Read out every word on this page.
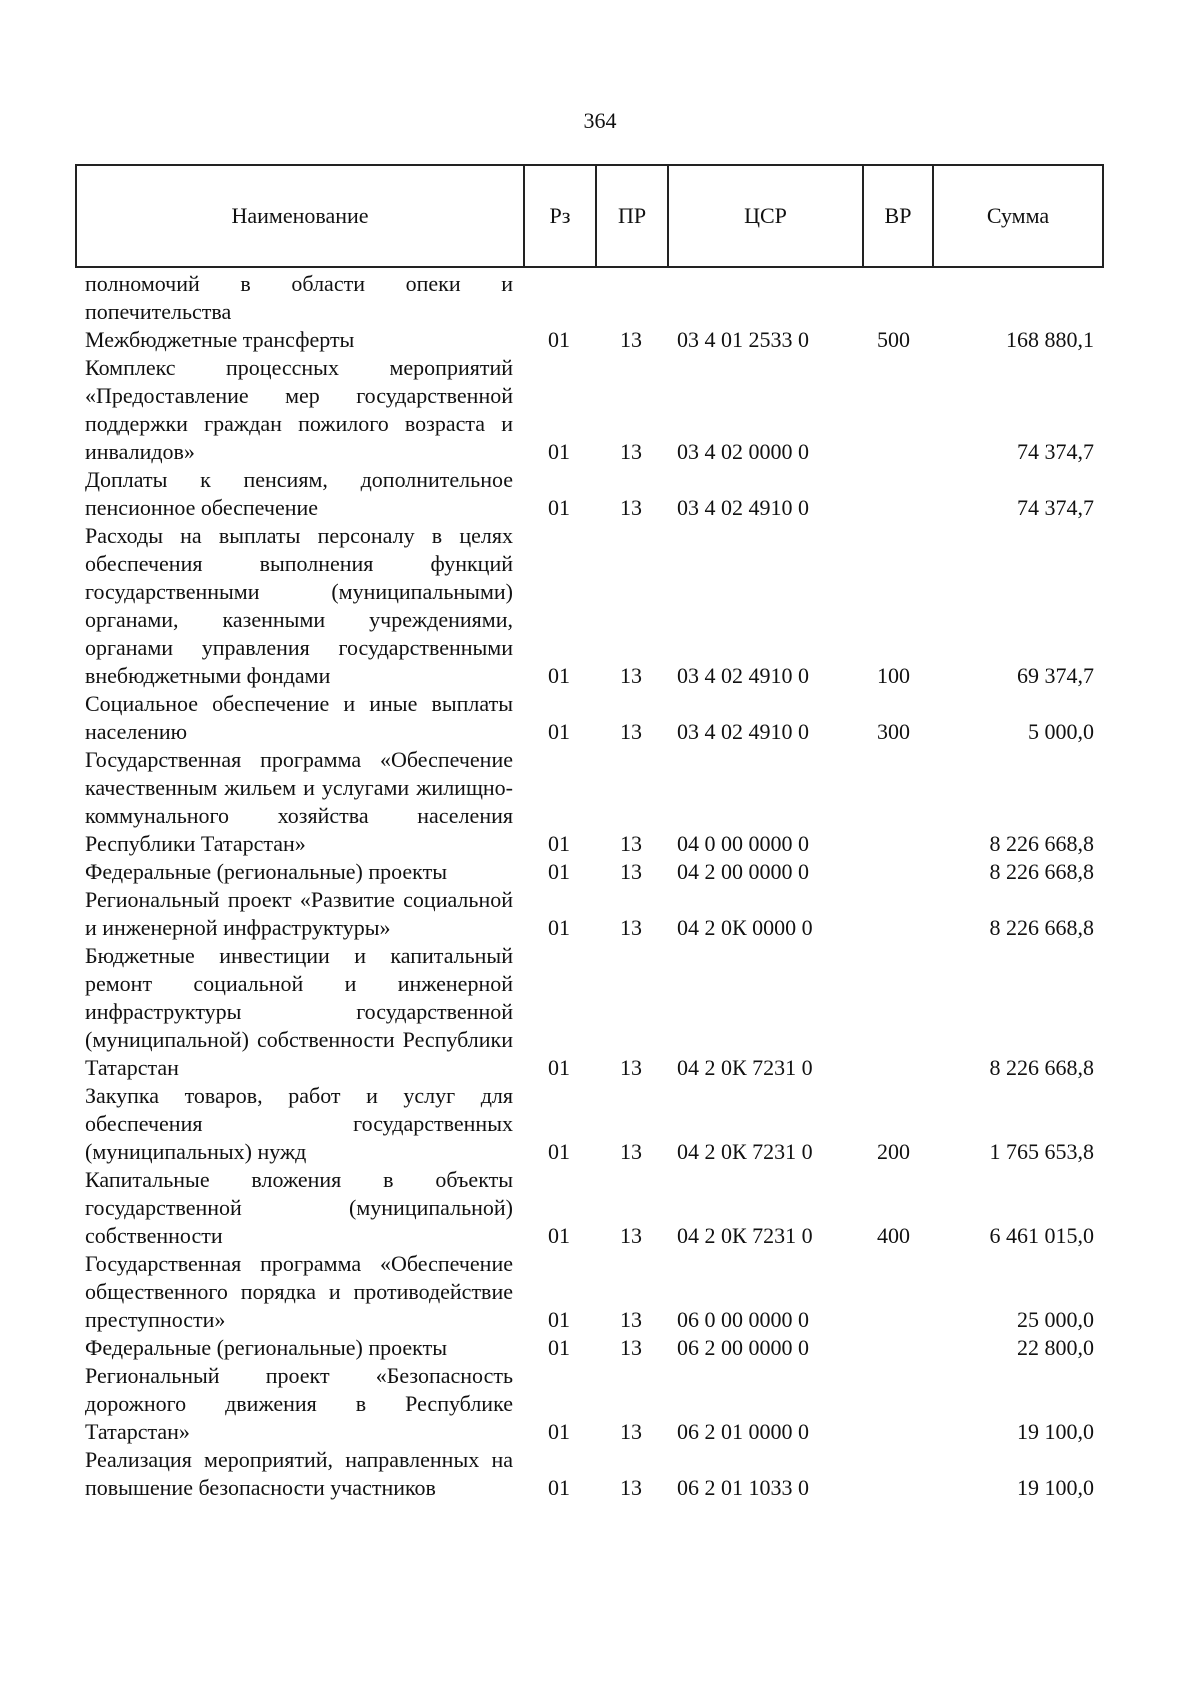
364
Наименование	Рз	ПР	ЦСР	ВР	Сумма
полномочий в области опеки и попечительства					
Межбюджетные трансферты	01	13	03 4 01 2533 0	500	168 880,1
Комплекс процессных мероприятий «Предоставление мер государственной поддержки граждан пожилого возраста и инвалидов»	01	13	03 4 02 0000 0		74 374,7
Доплаты к пенсиям, дополнительное пенсионное обеспечение	01	13	03 4 02 4910 0		74 374,7
Расходы на выплаты персоналу в целях обеспечения выполнения функций государственными (муниципальными) органами, казенными учреждениями, органами управления государственными внебюджетными фондами	01	13	03 4 02 4910 0	100	69 374,7
Социальное обеспечение и иные выплаты населению	01	13	03 4 02 4910 0	300	5 000,0
Государственная программа «Обеспечение качественным жильем и услугами жилищно-коммунального хозяйства населения Республики Татарстан»	01	13	04 0 00 0000 0		8 226 668,8
Федеральные (региональные) проекты	01	13	04 2 00 0000 0		8 226 668,8
Региональный проект «Развитие социальной и инженерной инфраструктуры»	01	13	04 2 0К 0000 0		8 226 668,8
Бюджетные инвестиции и капитальный ремонт социальной и инженерной инфраструктуры государственной (муниципальной) собственности Республики Татарстан	01	13	04 2 0К 7231 0		8 226 668,8
Закупка товаров, работ и услуг для обеспечения государственных (муниципальных) нужд	01	13	04 2 0К 7231 0	200	1 765 653,8
Капитальные вложения в объекты государственной (муниципальной) собственности	01	13	04 2 0К 7231 0	400	6 461 015,0
Государственная программа «Обеспечение общественного порядка и противодействие преступности»	01	13	06 0 00 0000 0		25 000,0
Федеральные (региональные) проекты	01	13	06 2 00 0000 0		22 800,0
Региональный проект «Безопасность дорожного движения в Республике Татарстан»	01	13	06 2 01 0000 0		19 100,0
Реализация мероприятий, направленных на повышение безопасности участников	01	13	06 2 01 1033 0		19 100,0
